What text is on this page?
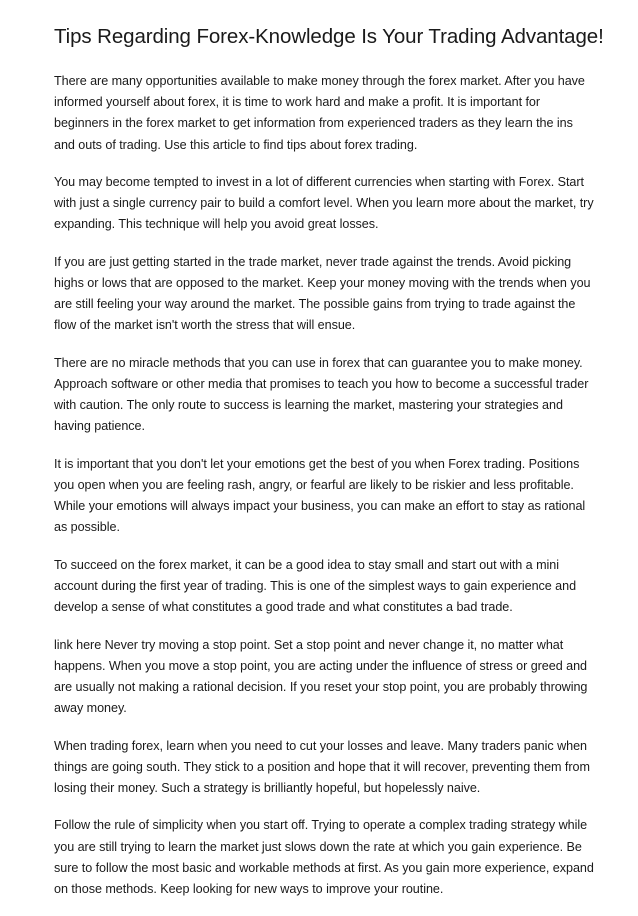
Tips Regarding Forex-Knowledge Is Your Trading Advantage!

There are many opportunities available to make money through the forex market. After you have informed yourself about forex, it is time to work hard and make a profit. It is important for beginners in the forex market to get information from experienced traders as they learn the ins and outs of trading. Use this article to find tips about forex trading.

You may become tempted to invest in a lot of different currencies when starting with Forex. Start with just a single currency pair to build a comfort level. When you learn more about the market, try expanding. This technique will help you avoid great losses.

If you are just getting started in the trade market, never trade against the trends. Avoid picking highs or lows that are opposed to the market. Keep your money moving with the trends when you are still feeling your way around the market. The possible gains from trying to trade against the flow of the market isn't worth the stress that will ensue.

There are no miracle methods that you can use in forex that can guarantee you to make money. Approach software or other media that promises to teach you how to become a successful trader with caution. The only route to success is learning the market, mastering your strategies and having patience.

It is important that you don't let your emotions get the best of you when Forex trading. Positions you open when you are feeling rash, angry, or fearful are likely to be riskier and less profitable. While your emotions will always impact your business, you can make an effort to stay as rational as possible.

To succeed on the forex market, it can be a good idea to stay small and start out with a mini account during the first year of trading. This is one of the simplest ways to gain experience and develop a sense of what constitutes a good trade and what constitutes a bad trade.

link here Never try moving a stop point. Set a stop point and never change it, no matter what happens. When you move a stop point, you are acting under the influence of stress or greed and are usually not making a rational decision. If you reset your stop point, you are probably throwing away money.

When trading forex, learn when you need to cut your losses and leave. Many traders panic when things are going south. They stick to a position and hope that it will recover, preventing them from losing their money. Such a strategy is brilliantly hopeful, but hopelessly naive.

Follow the rule of simplicity when you start off. Trying to operate a complex trading strategy while you are still trying to learn the market just slows down the rate at which you gain experience. Be sure to follow the most basic and workable methods at first. As you gain more experience, expand on those methods. Keep looking for new ways to improve your routine.
